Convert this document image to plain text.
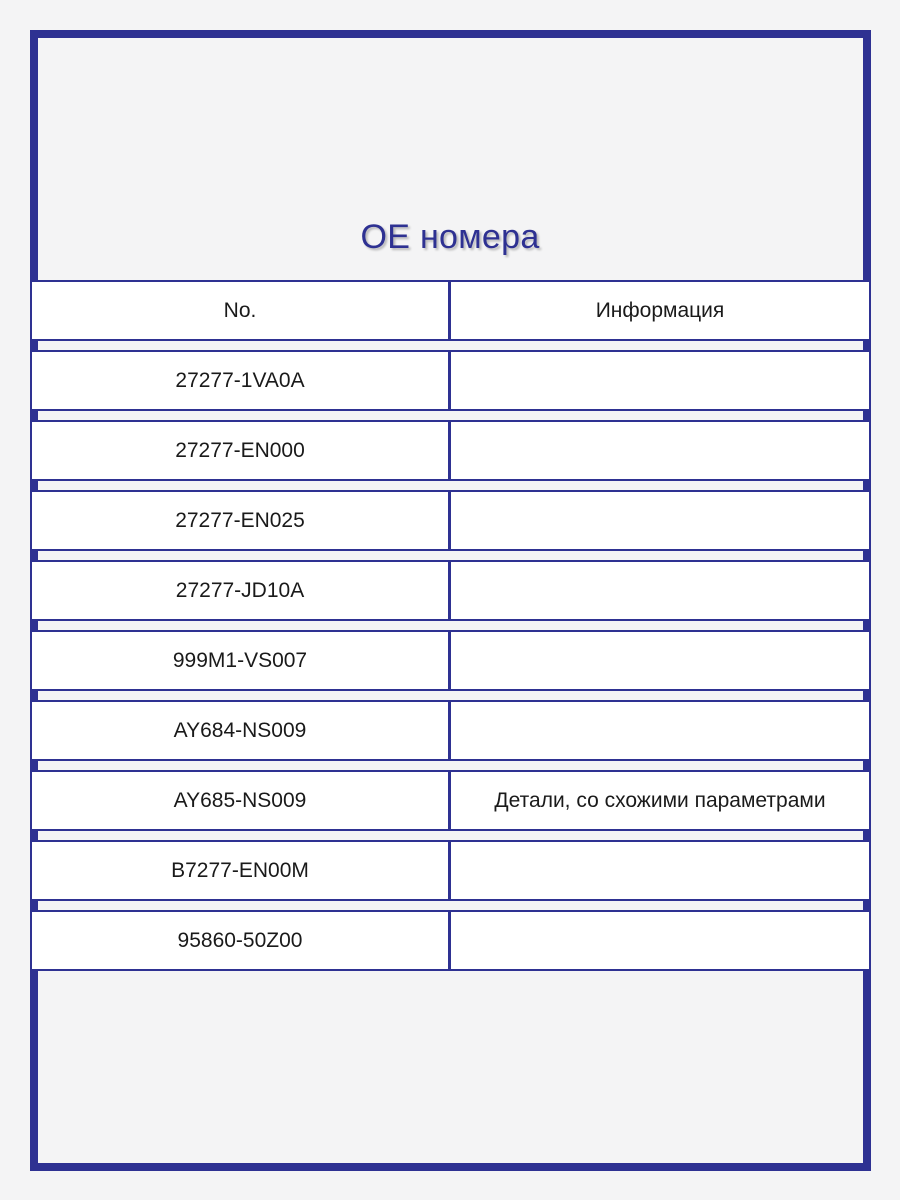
OE номера
No.	Информация
27277-1VA0A
27277-EN000
27277-EN025
27277-JD10A
999M1-VS007
AY684-NS009
AY685-NS009	Детали, со схожими параметрами
B7277-EN00M
95860-50Z00
